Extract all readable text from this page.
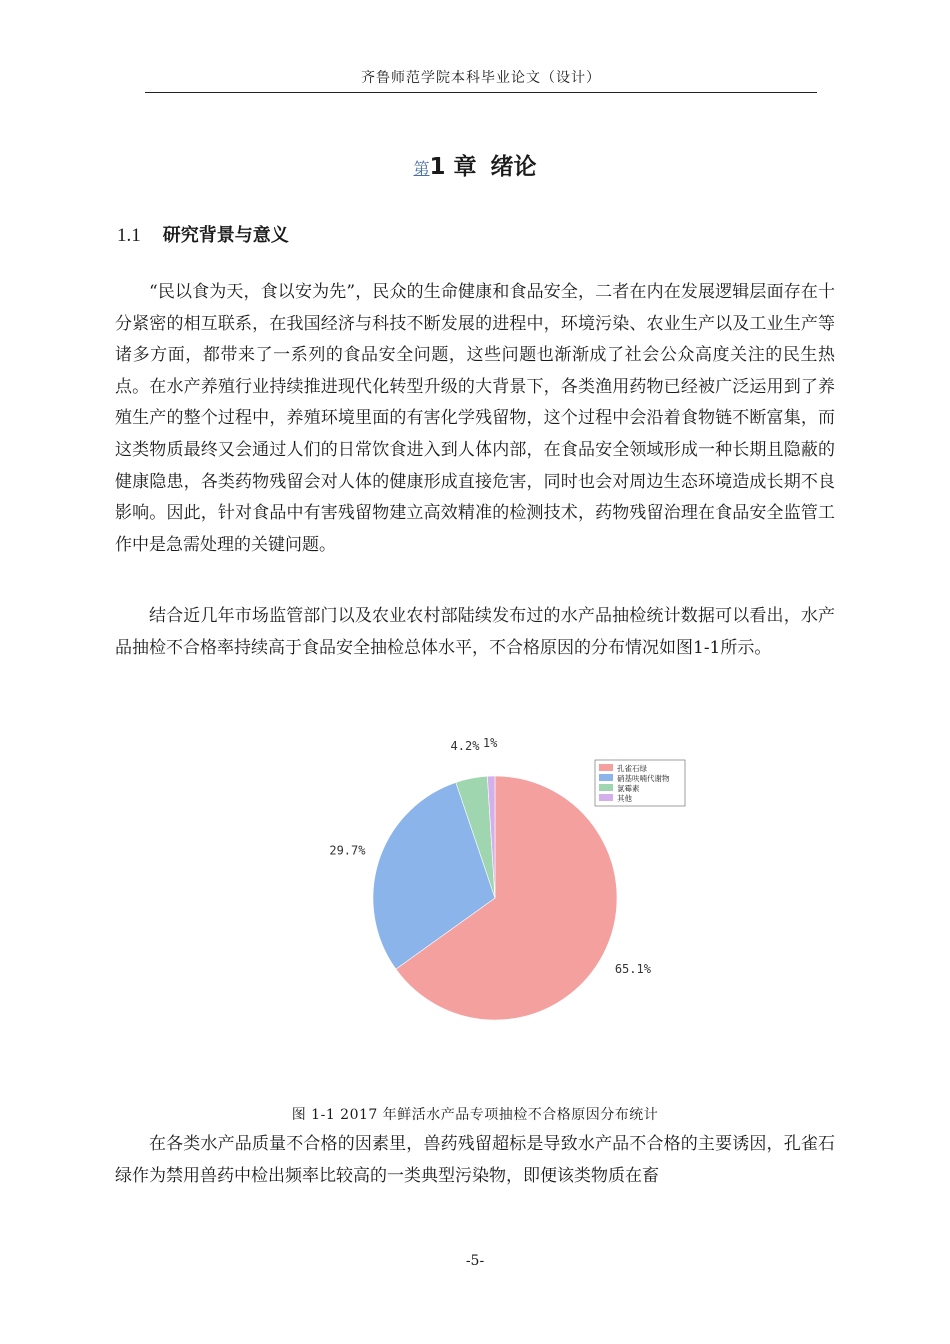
齐鲁师范学院本科毕业论文（设计）
第1 章 绪论
1.1 研究背景与意义

“民以食为天，食以安为先”，民众的生命健康和食品安全，二者在内在发展逻辑层面存在十分紧密的相互联系，在我国经济与科技不断发展的进程中，环境污染、农业生产以及工业生产等诸多方面，都带来了一系列的食品安全问题，这些问题也渐渐成了社会公众高度关注的民生热点。在水产养殖行业持续推进现代化转型升级的大背景下，各类渔用药物已经被广泛运用到了养殖生产的整个过程中，养殖环境里面的有害化学残留物，这个过程中会沿着食物链不断富集，而这类物质最终又会通过人们的日常饮食进入到人体内部，在食品安全领域形成一种长期且隐蔽的健康隐患，各类药物残留会对人体的健康形成直接危害，同时也会对周边生态环境造成长期不良影响。因此，针对食品中有害残留物建立高效精准的检测技术，药物残留治理在食品安全监管工作中是急需处理的关键问题。

结合近几年市场监管部门以及农业农村部陆续发布过的水产品抽检统计数据可以看出，水产品抽检不合格率持续高于食品安全抽检总体水平，不合格原因的分布情况如图1-1所示。

65.1%
29.7%
4.2% 1%
孔雀石绿
硝基呋喃代谢物
氯霉素
其他
图 1-1 2017 年鲜活水产品专项抽检不合格原因分布统计

在各类水产品质量不合格的因素里，兽药残留超标是导致水产品不合格的主要诱因，孔雀石绿作为禁用兽药中检出频率比较高的一类典型污染物，即便该类物质在畜

-5-
